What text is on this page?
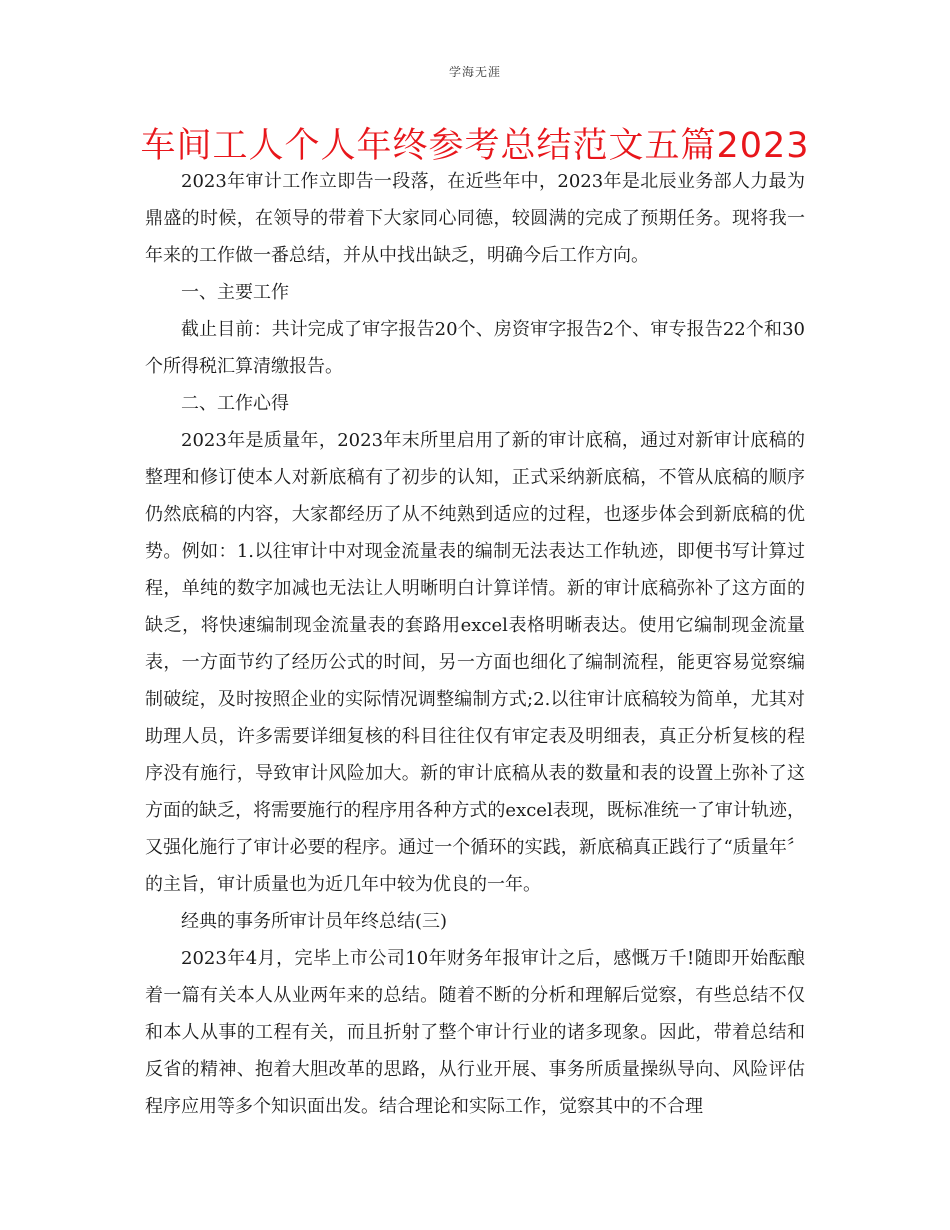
学海无涯
车间工人个人年终参考总结范文五篇2023

2023年审计工作立即告一段落，在近些年中，2023年是北辰业务部人力最为鼎盛的时候，在领导的带着下大家同心同德，较圆满的完成了预期任务。现将我一年来的工作做一番总结，并从中找出缺乏，明确今后工作方向。

一、主要工作

截止目前：共计完成了审字报告20个、房资审字报告2个、审专报告22个和30个所得税汇算清缴报告。

二、工作心得

2023年是质量年，2023年末所里启用了新的审计底稿，通过对新审计底稿的整理和修订使本人对新底稿有了初步的认知，正式采纳新底稿，不管从底稿的顺序仍然底稿的内容，大家都经历了从不纯熟到适应的过程，也逐步体会到新底稿的优势。例如：1.以往审计中对现金流量表的编制无法表达工作轨迹，即便书写计算过程，单纯的数字加减也无法让人明晰明白计算详情。新的审计底稿弥补了这方面的缺乏，将快速编制现金流量表的套路用excel表格明晰表达。使用它编制现金流量表，一方面节约了经历公式的时间，另一方面也细化了编制流程，能更容易觉察编制破绽，及时按照企业的实际情况调整编制方式;2.以往审计底稿较为简单，尤其对助理人员，许多需要详细复核的科目往往仅有审定表及明细表，真正分析复核的程序没有施行，导致审计风险加大。新的审计底稿从表的数量和表的设置上弥补了这方面的缺乏，将需要施行的程序用各种方式的excel表现，既标准统一了审计轨迹，又强化施行了审计必要的程序。通过一个循环的实践，新底稿真正践行了“质量年〞的主旨，审计质量也为近几年中较为优良的一年。

经典的事务所审计员年终总结(三)

2023年4月，完毕上市公司10年财务年报审计之后，感慨万千!随即开始酝酿着一篇有关本人从业两年来的总结。随着不断的分析和理解后觉察，有些总结不仅和本人从事的工程有关，而且折射了整个审计行业的诸多现象。因此，带着总结和反省的精神、抱着大胆改革的思路，从行业开展、事务所质量操纵导向、风险评估程序应用等多个知识面出发。结合理论和实际工作，觉察其中的不合理
